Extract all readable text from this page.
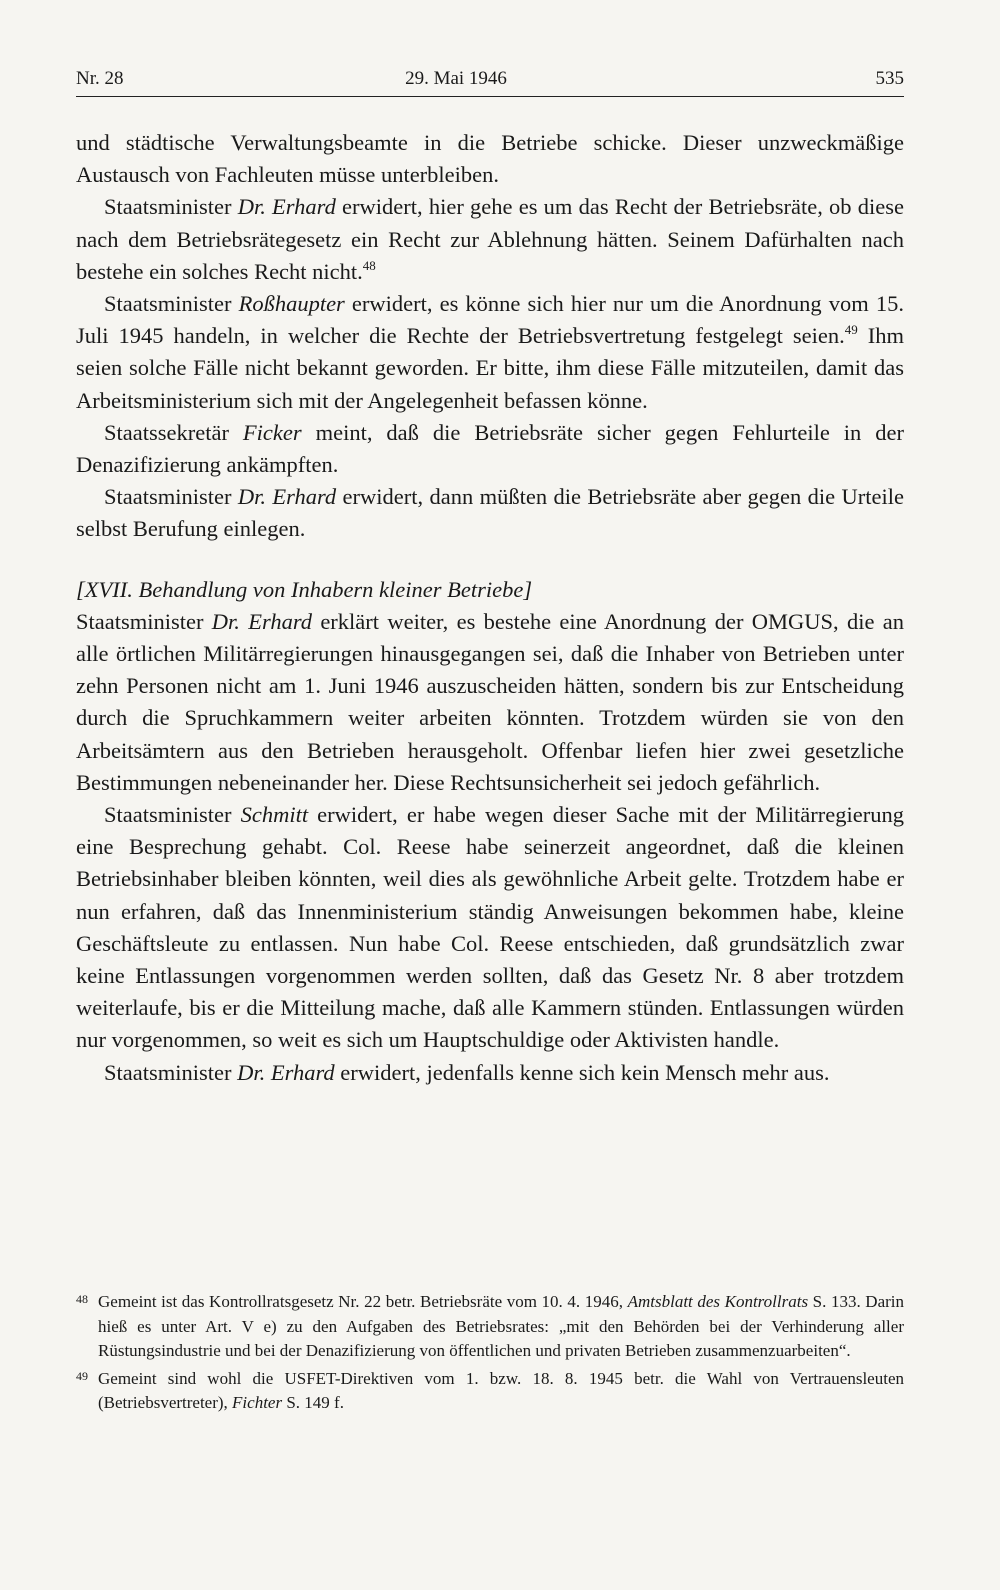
Nr. 28	29. Mai 1946	535

und städtische Verwaltungsbeamte in die Betriebe schicke. Dieser unzweckmäßige Austausch von Fachleuten müsse unterbleiben.

Staatsminister Dr. Erhard erwidert, hier gehe es um das Recht der Betriebsräte, ob diese nach dem Betriebsrätegesetz ein Recht zur Ablehnung hätten. Seinem Dafürhalten nach bestehe ein solches Recht nicht.$^{48}$

Staatsminister Roßhaupter erwidert, es könne sich hier nur um die Anordnung vom 15. Juli 1945 handeln, in welcher die Rechte der Betriebsvertretung festgelegt seien.$^{49}$ Ihm seien solche Fälle nicht bekannt geworden. Er bitte, ihm diese Fälle mitzuteilen, damit das Arbeitsministerium sich mit der Angelegenheit befassen könne.

Staatssekretär Ficker meint, daß die Betriebsräte sicher gegen Fehlurteile in der Denazifizierung ankämpften.

Staatsminister Dr. Erhard erwidert, dann müßten die Betriebsräte aber gegen die Urteile selbst Berufung einlegen.

[XVII. Behandlung von Inhabern kleiner Betriebe]

Staatsminister Dr. Erhard erklärt weiter, es bestehe eine Anordnung der OMGUS, die an alle örtlichen Militärregierungen hinausgegangen sei, daß die Inhaber von Betrieben unter zehn Personen nicht am 1. Juni 1946 auszuscheiden hätten, sondern bis zur Entscheidung durch die Spruchkammern weiter arbeiten könnten. Trotzdem würden sie von den Arbeitsämtern aus den Betrieben herausgeholt. Offenbar liefen hier zwei gesetzliche Bestimmungen nebeneinander her. Diese Rechtsunsicherheit sei jedoch gefährlich.

Staatsminister Schmitt erwidert, er habe wegen dieser Sache mit der Militärregierung eine Besprechung gehabt. Col. Reese habe seinerzeit angeordnet, daß die kleinen Betriebsinhaber bleiben könnten, weil dies als gewöhnliche Arbeit gelte. Trotzdem habe er nun erfahren, daß das Innenministerium ständig Anweisungen bekommen habe, kleine Geschäftsleute zu entlassen. Nun habe Col. Reese entschieden, daß grundsätzlich zwar keine Entlassungen vorgenommen werden sollten, daß das Gesetz Nr. 8 aber trotzdem weiterlaufe, bis er die Mitteilung mache, daß alle Kammern stünden. Entlassungen würden nur vorgenommen, so weit es sich um Hauptschuldige oder Aktivisten handle.

Staatsminister Dr. Erhard erwidert, jedenfalls kenne sich kein Mensch mehr aus.

48 Gemeint ist das Kontrollratsgesetz Nr. 22 betr. Betriebsräte vom 10. 4. 1946, Amtsblatt des Kontrollrats S. 133. Darin hieß es unter Art. V e) zu den Aufgaben des Betriebsrates: „mit den Behörden bei der Verhinderung aller Rüstungsindustrie und bei der Denazifizierung von öffentlichen und privaten Betrieben zusammenzuarbeiten“.
49 Gemeint sind wohl die USFET-Direktiven vom 1. bzw. 18. 8. 1945 betr. die Wahl von Vertrauensleuten (Betriebsvertreter), Fichter S. 149 f.
